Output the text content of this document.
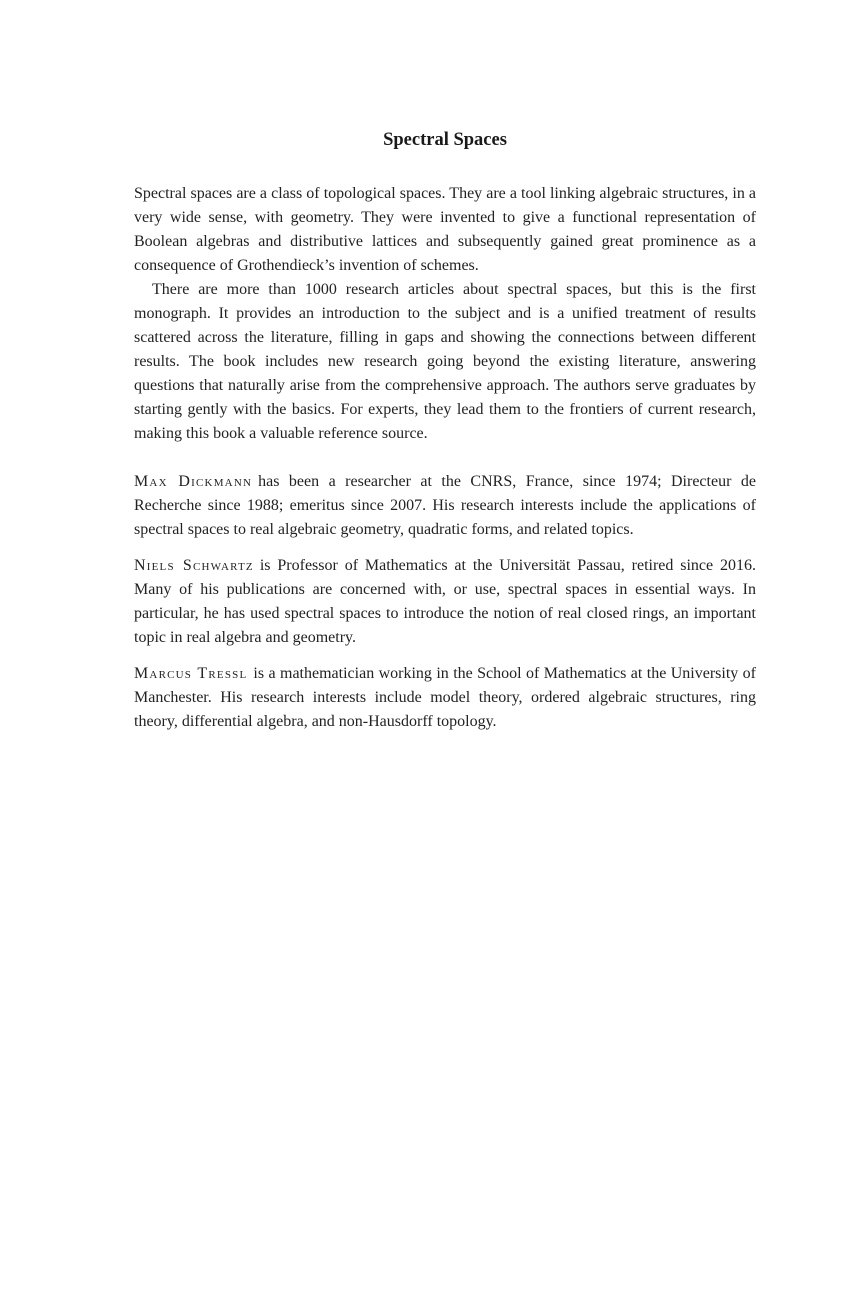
Spectral Spaces

Spectral spaces are a class of topological spaces. They are a tool linking algebraic structures, in a very wide sense, with geometry. They were invented to give a functional representation of Boolean algebras and distributive lattices and subsequently gained great prominence as a consequence of Grothendieck’s invention of schemes.

There are more than 1000 research articles about spectral spaces, but this is the first monograph. It provides an introduction to the subject and is a unified treatment of results scattered across the literature, filling in gaps and showing the connections between different results. The book includes new research going beyond the existing literature, answering questions that naturally arise from the comprehensive approach. The authors serve graduates by starting gently with the basics. For experts, they lead them to the frontiers of current research, making this book a valuable reference source.

Max Dickmann has been a researcher at the CNRS, France, since 1974; Directeur de Recherche since 1988; emeritus since 2007. His research interests include the applications of spectral spaces to real algebraic geometry, quadratic forms, and related topics.

Niels Schwartz is Professor of Mathematics at the Universität Passau, retired since 2016. Many of his publications are concerned with, or use, spectral spaces in essential ways. In particular, he has used spectral spaces to introduce the notion of real closed rings, an important topic in real algebra and geometry.

Marcus Tressl is a mathematician working in the School of Mathematics at the University of Manchester. His research interests include model theory, ordered algebraic structures, ring theory, differential algebra, and non-Hausdorff topology.
